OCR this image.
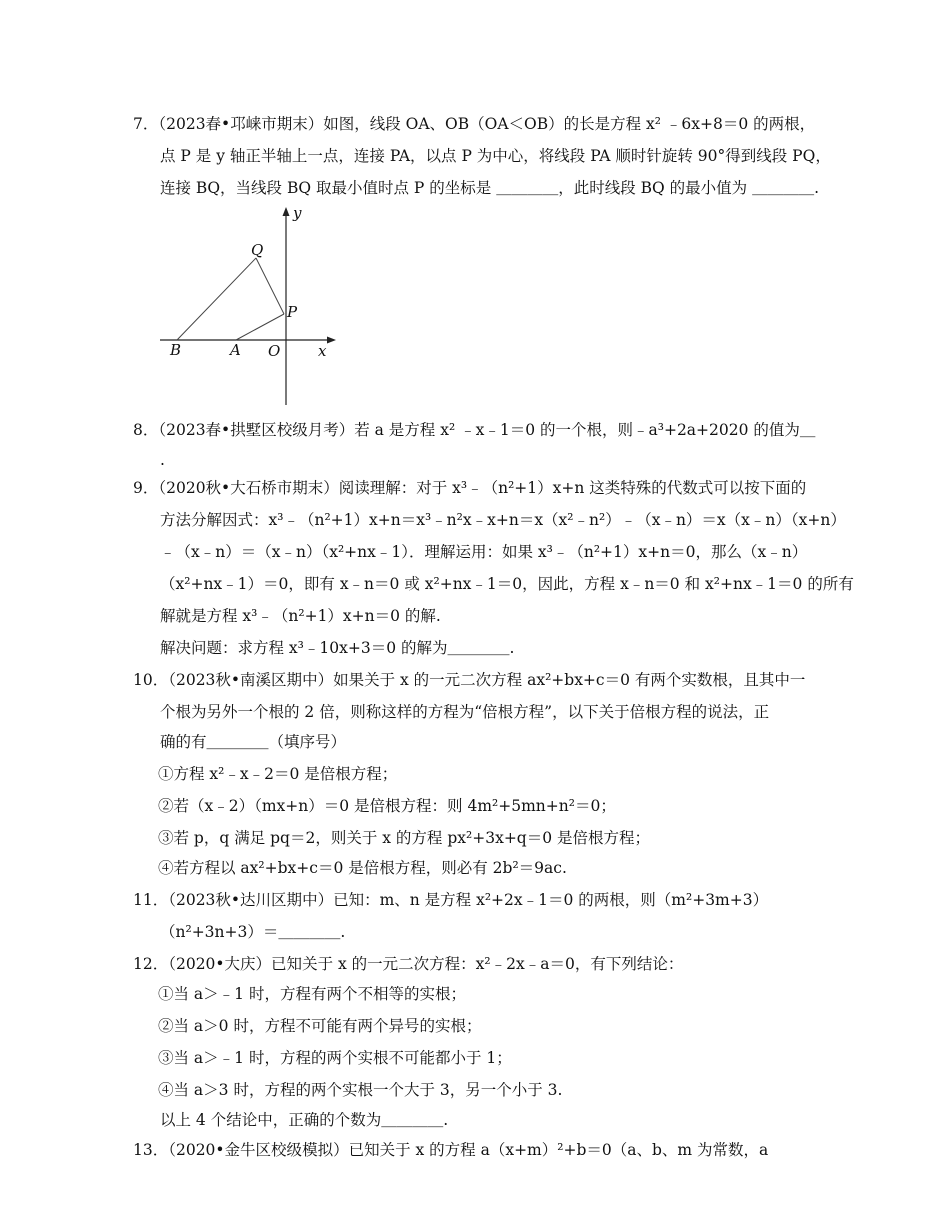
7．（2023春•邛崃市期末）如图，线段 OA、OB（OA＜OB）的长是方程 x² ﹣6x+8＝0 的两根，
点 P 是 y 轴正半轴上一点，连接 PA，以点 P 为中心，将线段 PA 顺时针旋转 90°得到线段 PQ，
连接 BQ，当线段 BQ 取最小值时点 P 的坐标是 ＿＿＿＿，此时线段 BQ 的最小值为 ＿＿＿＿.
y
x
Q
P
B	A O
8．（2023春•拱墅区校级月考）若 a 是方程 x² ﹣x﹣1＝0 的一个根，则﹣a³+2a+2020 的值为＿
.
9．（2020秋•大石桥市期末）阅读理解：对于 x³﹣（n²+1）x+n 这类特殊的代数式可以按下面的
方法分解因式：x³﹣（n²+1）x+n＝x³﹣n²x﹣x+n＝x（x²﹣n²）﹣（x﹣n）＝x（x﹣n）（x+n）
﹣（x﹣n）＝（x﹣n）（x²+nx﹣1）．理解运用：如果 x³﹣（n²+1）x+n＝0，那么（x﹣n）
（x²+nx﹣1）＝0，即有 x﹣n＝0 或 x²+nx﹣1＝0，因此，方程 x﹣n＝0 和 x²+nx﹣1＝0 的所有
解就是方程 x³﹣（n²+1）x+n＝0 的解.
解决问题：求方程 x³﹣10x+3＝0 的解为＿＿＿＿.
10．（2023秋•南溪区期中）如果关于 x 的一元二次方程 ax²+bx+c＝0 有两个实数根，且其中一
个根为另外一个根的 2 倍，则称这样的方程为“倍根方程”，以下关于倍根方程的说法，正
确的有＿＿＿＿（填序号）
①方程 x²﹣x﹣2＝0 是倍根方程；
②若（x﹣2）（mx+n）＝0 是倍根方程：则 4m²+5mn+n²＝0；
③若 p，q 满足 pq＝2，则关于 x 的方程 px²+3x+q＝0 是倍根方程；
④若方程以 ax²+bx+c＝0 是倍根方程，则必有 2b²＝9ac.
11．（2023秋•达川区期中）已知：m、n 是方程 x²+2x﹣1＝0 的两根，则（m²+3m+3）
（n²+3n+3）＝＿＿＿＿.
12．（2020•大庆）已知关于 x 的一元二次方程：x²﹣2x﹣a＝0，有下列结论：
①当 a＞﹣1 时，方程有两个不相等的实根；
②当 a＞0 时，方程不可能有两个异号的实根；
③当 a＞﹣1 时，方程的两个实根不可能都小于 1；
④当 a＞3 时，方程的两个实根一个大于 3，另一个小于 3.
以上 4 个结论中，正确的个数为＿＿＿＿.
13．（2020•金牛区校级模拟）已知关于 x 的方程 a（x+m）²+b＝0（a、b、m 为常数，a
